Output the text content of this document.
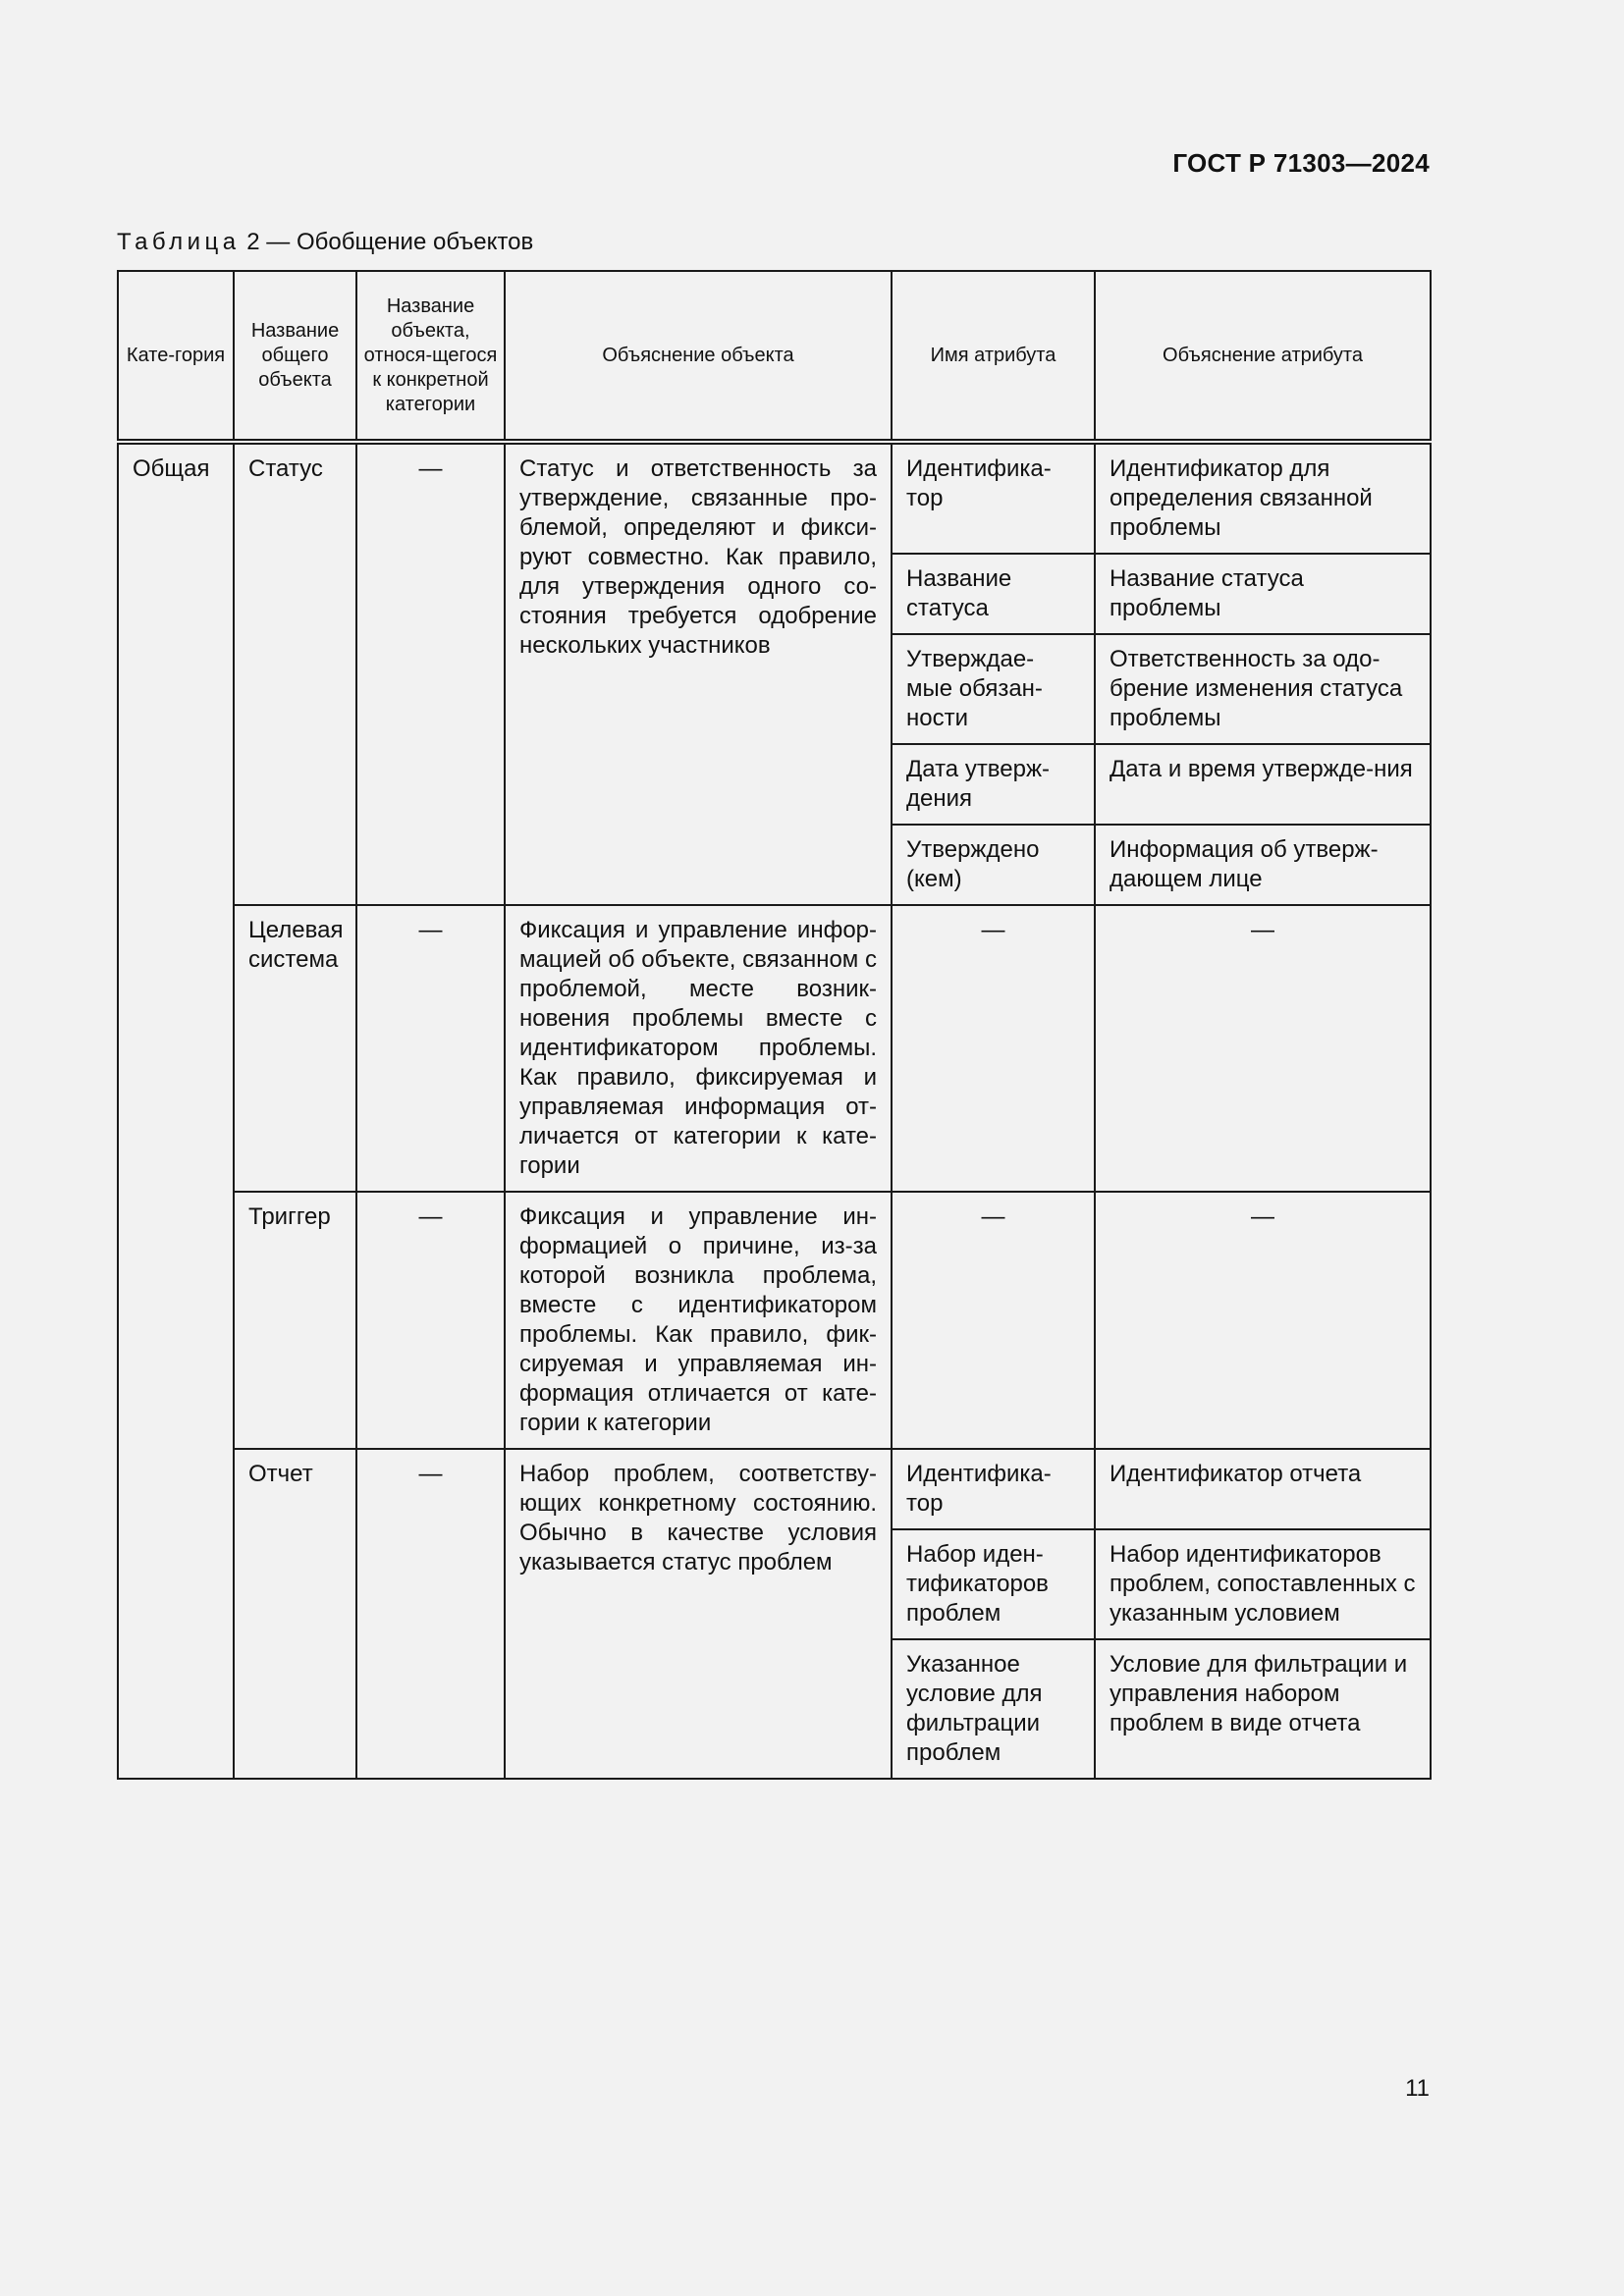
ГОСТ Р 71303—2024
Таблица 2 — Обобщение объектов
Кате-гория	Название общего объекта	Название объекта, относя-щегося к конкретной категории	Объяснение объекта	Имя атрибута	Объяснение атрибута
Общая	Статус	—	Статус и ответственность за утверждение, связанные про-блемой, определяют и фикси-руют совместно. Как правило, для утверждения одного со-стояния требуется одобрение нескольких участников	Идентифика-тор	Идентификатор для определения связанной проблемы
				Название статуса	Название статуса проблемы
				Утверждае-мые обязан-ности	Ответственность за одо-брение изменения статуса проблемы
				Дата утверж-дения	Дата и время утвержде-ния
				Утверждено (кем)	Информация об утверж-дающем лице
	Целевая система	—	Фиксация и управление инфор-мацией об объекте, связанном с проблемой, месте возник-новения проблемы вместе с идентификатором проблемы. Как правило, фиксируемая и управляемая информация от-личается от категории к кате-гории	—	—
	Триггер	—	Фиксация и управление ин-формацией о причине, из-за которой возникла проблема, вместе с идентификатором проблемы. Как правило, фик-сируемая и управляемая ин-формация отличается от кате-гории к категории	—	—
	Отчет	—	Набор проблем, соответству-ющих конкретному состоянию. Обычно в качестве условия указывается статус проблем	Идентифика-тор	Идентификатор отчета
				Набор иден-тификаторов проблем	Набор идентификаторов проблем, сопоставленных с указанным условием
				Указанное условие для фильтрации проблем	Условие для фильтрации и управления набором проблем в виде отчета
11
